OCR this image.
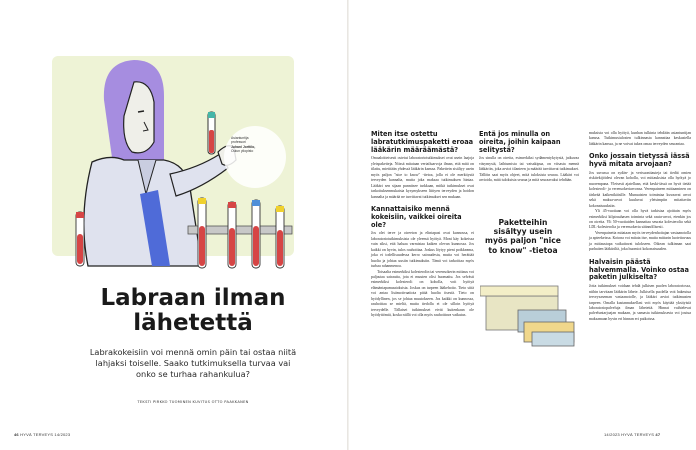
Asiantuntija
professori
Juhani Jorttilo,
Oulun yliopisto
Labraan ilman
lähetettä

Labrakokeisiin voi mennä omin päin tai ostaa niitä lahjaksi toiselle. Saako tutkimuksella turvaa vai onko se turhaa rahankulua?

TEKSTI PIRKKO TUOMINEN KUVITUS OTTO PAAKKANEN
46 HYVÄ TERVEYS 14/2023

Miten itse ostettu labratutkimuspaketti eroaa lääkärin määräämästä?

Omaaloitteisesti ostetut laboratoriotutkimukset ovat usein laajoja yleispaketteja. Niissä mitataan vertailuarvoja ilman, että mitä on tilattu, mietitään yhdessä lääkärin kanssa. Pakettein sisältyy usein myös paljon "nice to know" -tietoa, jolla ei ole merkitystä terveyden kannalta, mutta joka maksaa tutkimuksen hintaa. Lääkäri sen sijaan punnitsee tarkkaan, mitkä tutkimukset ovat tarkoituksenmukaisia kysymykseen liittyen terveyden ja hoidon kannalta ja määrää ne tarvittavat tutkimukset sen mukaan.

Kannattaisiko mennä kokeisiin, vaikkei oireita ole?

Jos olet terve ja oireeton ja elintapasi ovat kunnossa, ei laboratoriotutkimuksista ole yleensä hyötyä. Moni käy kokeissa vain siksi, että haluaa varmistaa kaiken olevan kunnossa. Jos kaikki on hyvin, tulos rauhoittaa. Joskus löytyy pieni poikkeama, joka ei todellisuudessa kerro sairaudesta, mutta voi herättää huolta ja johtaa uusiin tutkimuksiin. Tämä voi tarkoittaa myös turhaa rahanmenoa.

Toisaalta esimerkiksi kolesterolin tai verensokerin mittaus voi paljastaa sairautta, jota ei muuten olisi huomattu. Jos selvästi esimerkiksi kolesteroli on koholla, voit hyötyä elämäntapamuutoksista. Joskus on tarpeen lääkehoito. Tieto siitä voi antaa lisämotivaatiota pitää huolta itsestä. Tieto on hyödyllinen, jos se johtaa muutokseen. Jos kaikki on kunnossa, rauhoittaa se mieltä, mutta tiedolla ei ole silloin hyötyä terveydelle. Tällaiset tutkimukset eivät kuitenkaan ole hyödyttömiä, koska niillä voi olla myös rauhoittava vaikutus.

Entä jos minulla on oireita, joihin kaipaan selitystä?

Jos sinulla on oireita, esimerkiksi sydämentykytystä, jatkuvaa väsymystä, laihtumista tai vatsakipua, on viisasta mennä lääkäriin, joka arvioi tilanteen ja määrää tarvittavat tutkimukset. Tällöin saat myös ohjeet, mitä tuloksista seuraa. Lääkäri voi arvioida, mitä tuloksista seuraa ja mitä seuraavaksi tehdään.

Paketteihin sisältyy usein myös paljon "nice to know" -tietoa

muksista voi olla hyötyä, kunhan tulkinta tehdään asiantuntijan kanssa. Tutkimustulosten tulkinnasta kannattaa keskustella lääkärin kanssa, ja ne voivat tukea omaa terveyden seurantaa.

Onko jossain tietyssä iässä hyvä mitata arvojaan?

Jos suvussa on sydän- ja verisuonitauteja tai tiedät omien riskitekijöidesi olevan koholla, voi mittauksista olla hyötyä jo nuorempana. Yleisesti ajatellaan, että keski-iässä on hyvä tietää kolesteroli- ja verensokeriarvonsa. Verenpaineen mittaaminen on tärkeää kaikenikäisille. Munuaisten toimintaa kuvaavat arvot sekä maksa-arvot kuuluvat yleisimpiin mitattaviin kokonaisuuksiin.

Yli 45-vuotiaan voi olla hyvä tarkistaa ajoittain myös esimerkiksi kilpirauhasen toiminta sekä rauta-arvot, etenkin jos on oireita. Yli 50-vuotiaiden kannattaa seurata kolesterolia sekä LDL-kolesterolia ja verensokeria säännöllisesti.

Verenpainetta mitataan myös terveydenhoitajan vastaanotolla ja apteekeissa. Kotona voi mitata itse, mutta mittarin luotettavuus ja mittaustapa vaikuttavat tulokseen. Oikean tulkinnan saat parhaiten lääkäriltä, joka huomioi kokonaisuuden.

Halvaisin päästä halvemmalla. Voinko ostaa paketin julkiselta?

Jotta tutkimukset voidaan tehdä julkisen puolen laboratoriossa, niihin tarvitaan lääkärin lähete. Julkisella puolella voit hakeutua terveysaseman vastaanotolle, ja lääkäri arvioi tutkimusten tarpeen. Omalla kustannuksellasi voit myös käyttää yksityisiä laboratoriopalveluja ilman lähetettä. Hinnat vaihtelevat palveluntarjoajan mukaan, ja samasta tutkimuksesta voi joutua maksamaan hyvin eri hinnan eri paikoissa.

14/2023 HYVÄ TERVEYS 47
